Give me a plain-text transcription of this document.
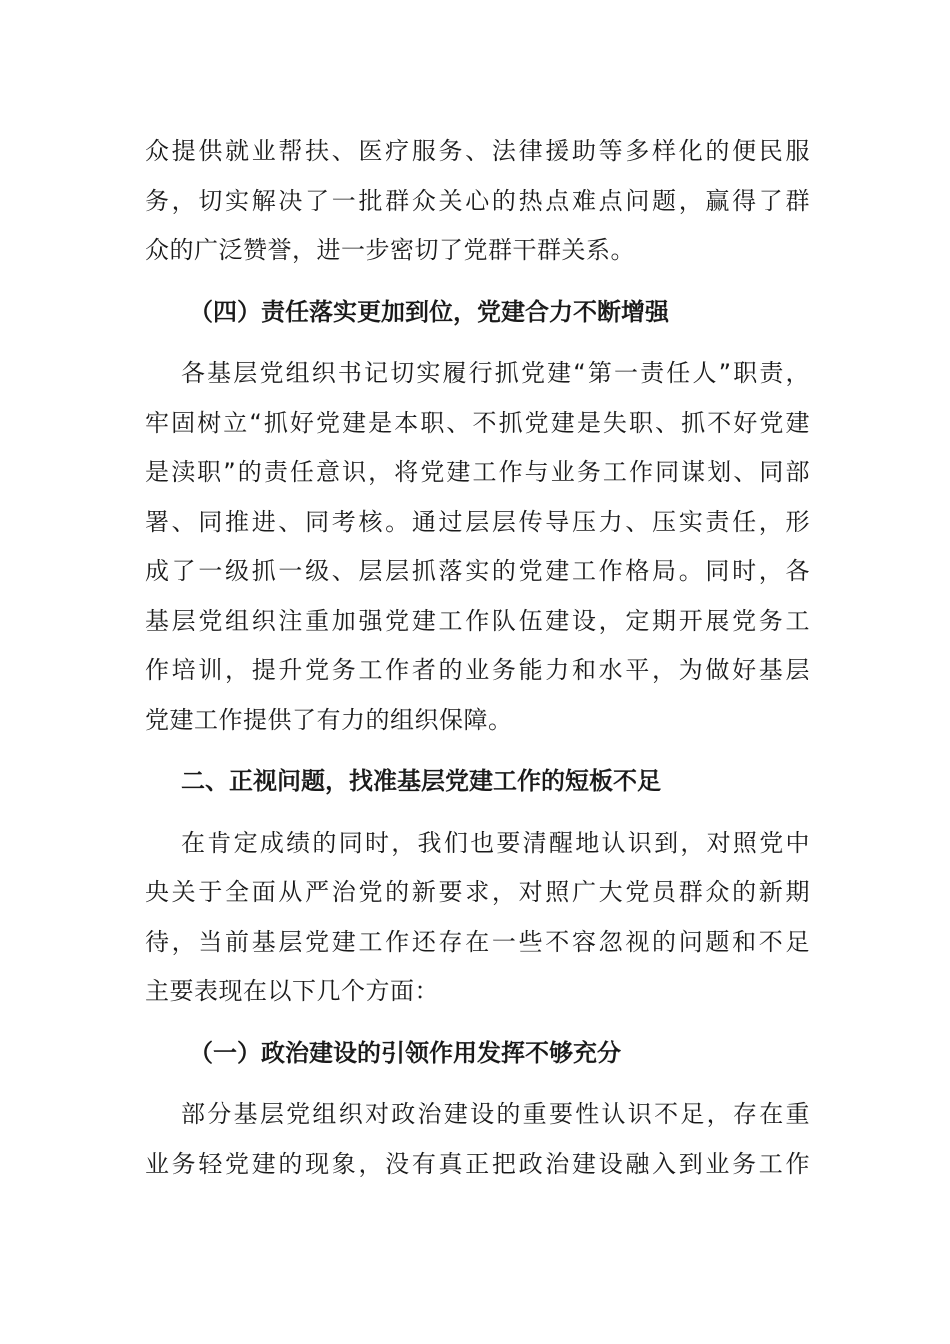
众提供就业帮扶、医疗服务、法律援助等多样化的便民服
务，切实解决了一批群众关心的热点难点问题，赢得了群
众的广泛赞誉，进一步密切了党群干群关系。
（四）责任落实更加到位，党建合力不断增强
各基层党组织书记切实履行抓党建“第一责任人”职责，
牢固树立“抓好党建是本职、不抓党建是失职、抓不好党建
是渎职”的责任意识，将党建工作与业务工作同谋划、同部
署、同推进、同考核。通过层层传导压力、压实责任，形
成了一级抓一级、层层抓落实的党建工作格局。同时，各
基层党组织注重加强党建工作队伍建设，定期开展党务工
作培训，提升党务工作者的业务能力和水平，为做好基层
党建工作提供了有力的组织保障。
二、正视问题，找准基层党建工作的短板不足
在肯定成绩的同时，我们也要清醒地认识到，对照党中
央关于全面从严治党的新要求，对照广大党员群众的新期
待，当前基层党建工作还存在一些不容忽视的问题和不足
主要表现在以下几个方面：
（一）政治建设的引领作用发挥不够充分
部分基层党组织对政治建设的重要性认识不足，存在重
业务轻党建的现象，没有真正把政治建设融入到业务工作
